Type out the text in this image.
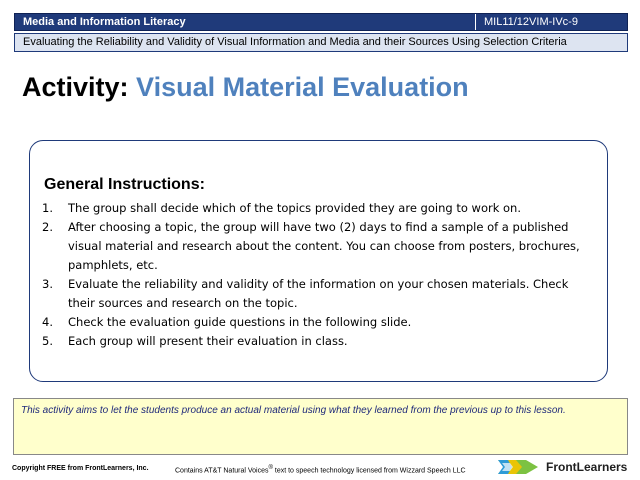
Media and Information Literacy	MIL11/12VIM-IVc-9
Evaluating the Reliability and Validity of Visual Information and Media and their Sources Using Selection Criteria
Activity: Visual Material Evaluation
General Instructions:
1. The group shall decide which of the topics provided they are going to work on.
2. After choosing a topic, the group will have two (2) days to find a sample of a published visual material and research about the content. You can choose from posters, brochures, pamphlets, etc.
3. Evaluate the reliability and validity of the information on your chosen materials. Check their sources and research on the topic.
4. Check the evaluation guide questions in the following slide.
5. Each group will present their evaluation in class.
This activity aims to let the students produce an actual material using what they learned from the previous up to this lesson.
Copyright FREE from FrontLearners, Inc.	Contains AT&T Natural Voices® text to speech technology licensed from Wizzard Speech LLC	FrontLearners
